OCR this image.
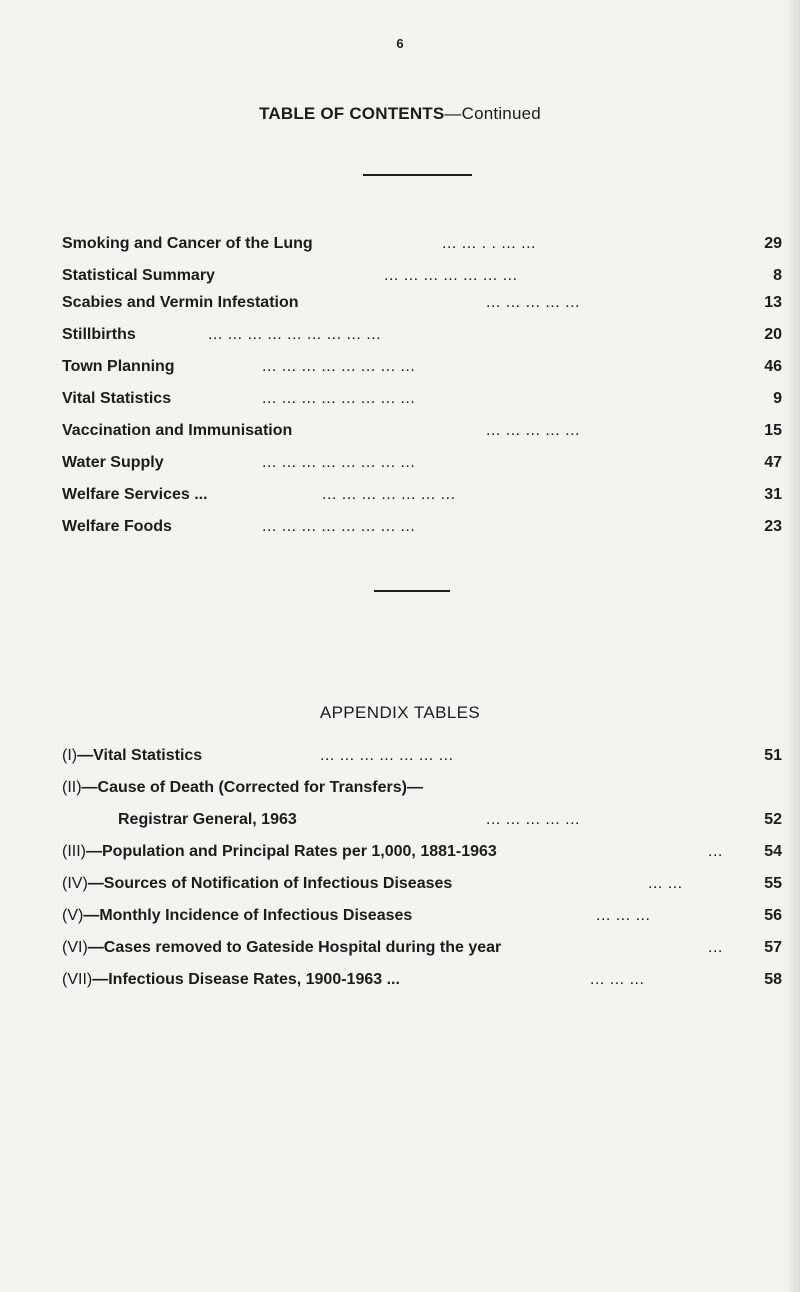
6
TABLE OF CONTENTS—Continued
Smoking and Cancer of the Lung	... ... . . ... ...	29
Statistical Summary	... ... ... ... ... ... ...	8
Scabies and Vermin Infestation	... ... ... ... ...	13
Stillbirths	... ... ... ... ... ... ... ... ...	20
Town Planning	... ... ... ... ... ... ... ...	46
Vital Statistics	... ... ... ... ... ... ... ...	9
Vaccination and Immunisation	... ... ... ... ...	15
Water Supply	... ... ... ... ... ... ... ...	47
Welfare Services ...	... ... ... ... ... ... ...	31
Welfare Foods	... ... ... ... ... ... ... ...	23
APPENDIX TABLES
(I)—Vital Statistics	... ... ... ... ... ... ...	51
(II)—Cause of Death (Corrected for Transfers)—
Registrar General, 1963	... ... ... ... ...	52
(III)—Population and Principal Rates per 1,000, 1881-1963	...	54
(IV)—Sources of Notification of Infectious Diseases	... ...	55
(V)—Monthly Incidence of Infectious Diseases	... ... ...	56
(VI)—Cases removed to Gateside Hospital during the year	...	57
(VII)—Infectious Disease Rates, 1900-1963 ...	... ... ...	58
